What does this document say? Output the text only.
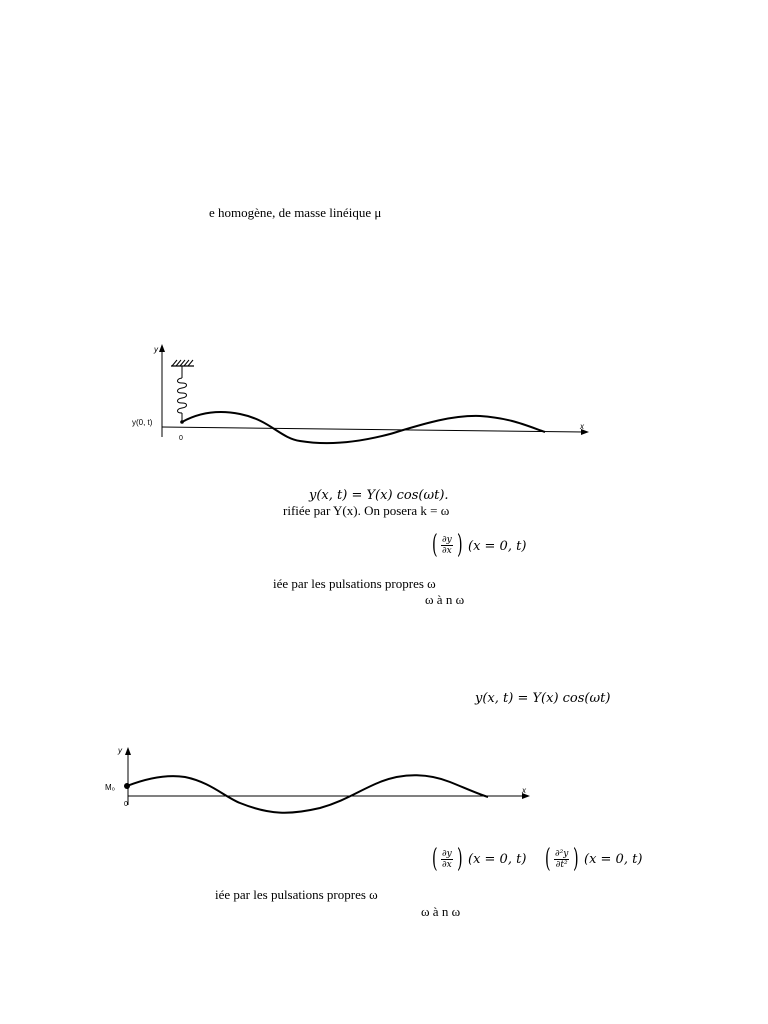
e homogène, de masse linéique μ
y
x
y(0, t)
0
y(x, t) = Y(x) cos(ωt).
rifiée par Y(x). On posera k = ω
( $\frac{\partial y}{\partial x}$ ) (x = 0, t)
iée par les pulsations propres ω
ω à n ω
y(x, t) = Y(x) cos(ωt)
y
x
M₀
0
( $\frac{\partial y}{\partial x}$ ) (x = 0, t) ( $\frac{\text{∂²y}}{\text{∂t²}}$ ) (x = 0, t)
iée par les pulsations propres ω
ω à n ω
